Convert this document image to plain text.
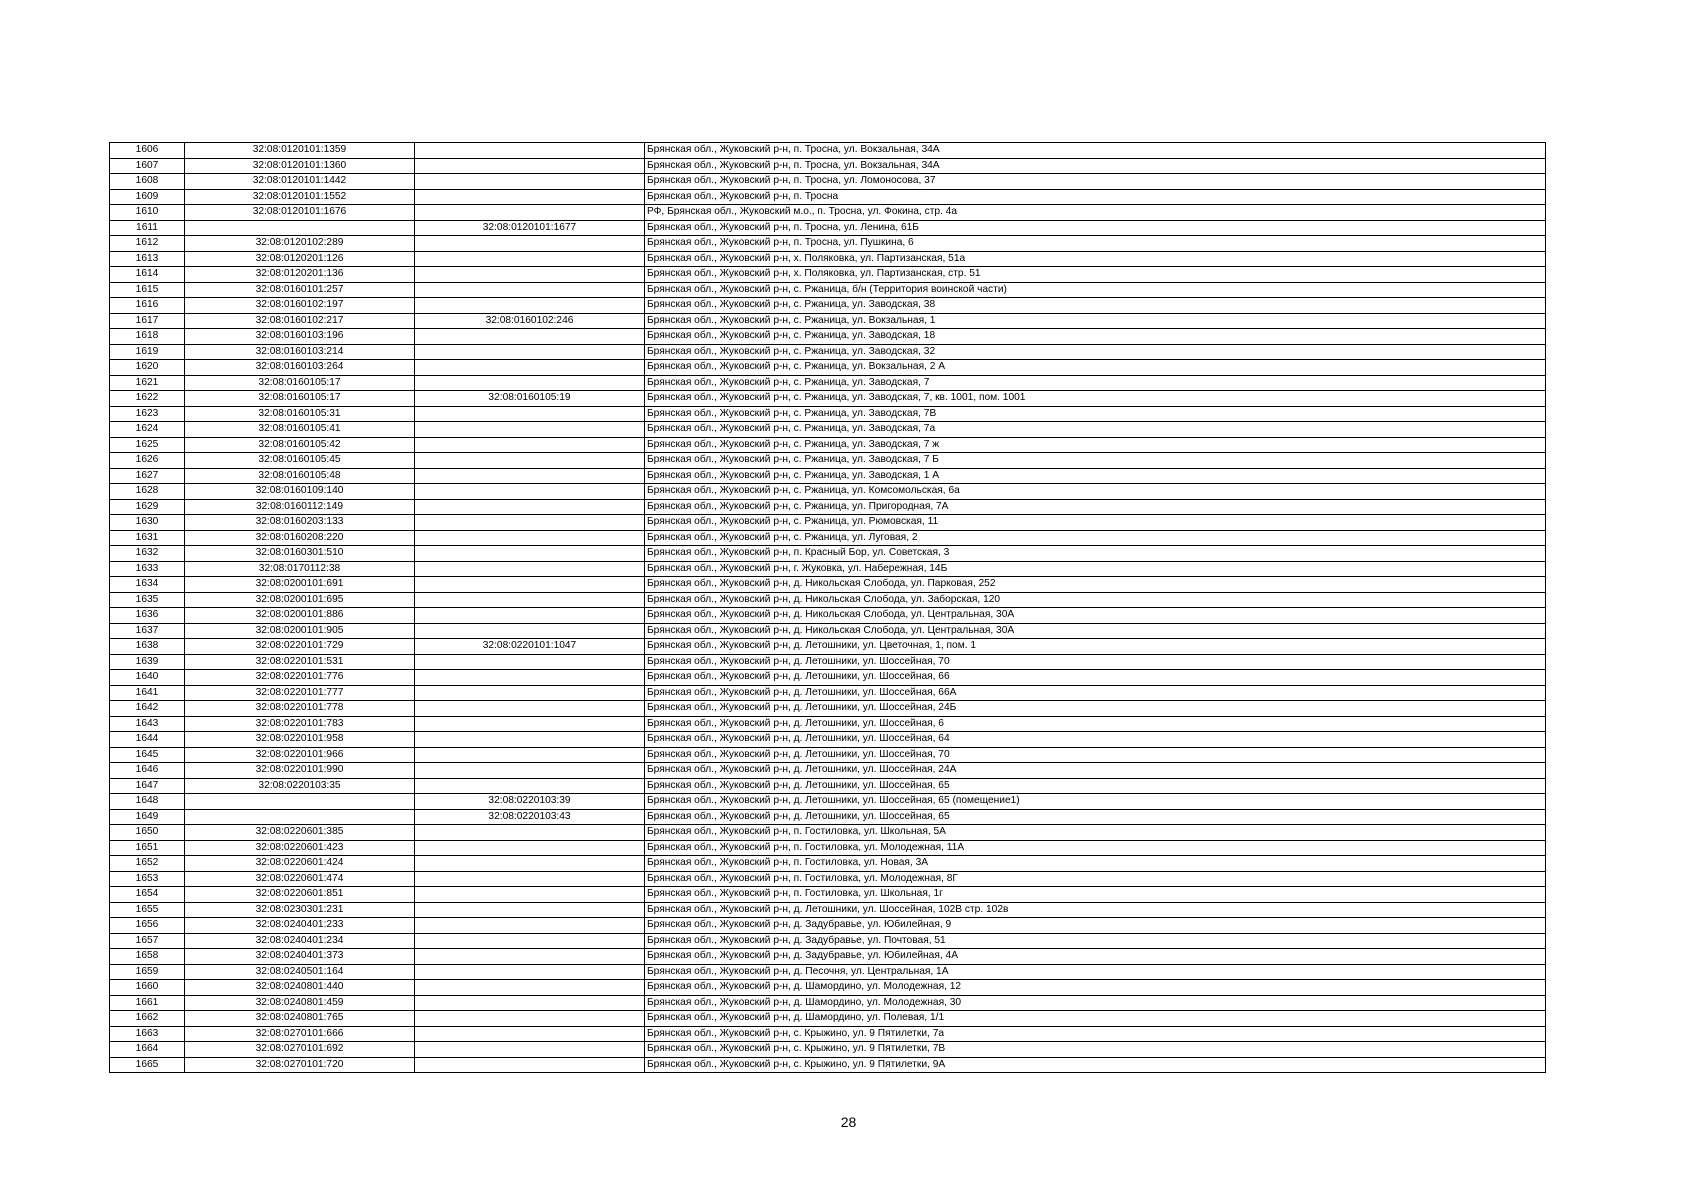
1606	32:08:0120101:1359		Брянская обл., Жуковский р-н, п. Тросна, ул. Вокзальная, 34А
1607	32:08:0120101:1360		Брянская обл., Жуковский р-н, п. Тросна, ул. Вокзальная, 34А
1608	32:08:0120101:1442		Брянская обл., Жуковский р-н, п. Тросна, ул. Ломоносова, 37
1609	32:08:0120101:1552		Брянская обл., Жуковский р-н, п. Тросна
1610	32:08:0120101:1676		РФ, Брянская обл., Жуковский м.о., п. Тросна, ул. Фокина, стр. 4а
1611		32:08:0120101:1677	Брянская обл., Жуковский р-н, п. Тросна, ул. Ленина, 61Б
1612	32:08:0120102:289		Брянская обл., Жуковский р-н, п. Тросна, ул. Пушкина, 6
1613	32:08:0120201:126		Брянская обл., Жуковский р-н, х. Поляковка, ул. Партизанская, 51а
1614	32:08:0120201:136		Брянская обл., Жуковский р-н, х. Поляковка, ул. Партизанская, стр. 51
1615	32:08:0160101:257		Брянская обл., Жуковский р-н, с. Ржаница, б/н (Территория воинской части)
1616	32:08:0160102:197		Брянская обл., Жуковский р-н, с. Ржаница, ул. Заводская, 38
1617	32:08:0160102:217	32:08:0160102:246	Брянская обл., Жуковский р-н, с. Ржаница, ул. Вокзальная, 1
1618	32:08:0160103:196		Брянская обл., Жуковский р-н, с. Ржаница, ул. Заводская, 18
1619	32:08:0160103:214		Брянская обл., Жуковский р-н, с. Ржаница, ул. Заводская, 32
1620	32:08:0160103:264		Брянская обл., Жуковский р-н, с. Ржаница, ул. Вокзальная, 2 А
1621	32:08:0160105:17		Брянская обл., Жуковский р-н, с. Ржаница, ул. Заводская, 7
1622	32:08:0160105:17	32:08:0160105:19	Брянская обл., Жуковский р-н, с. Ржаница, ул. Заводская, 7, кв. 1001, пом. 1001
1623	32:08:0160105:31		Брянская обл., Жуковский р-н, с. Ржаница, ул. Заводская, 7В
1624	32:08:0160105:41		Брянская обл., Жуковский р-н, с. Ржаница, ул. Заводская, 7а
1625	32:08:0160105:42		Брянская обл., Жуковский р-н, с. Ржаница, ул. Заводская, 7 ж
1626	32:08:0160105:45		Брянская обл., Жуковский р-н, с. Ржаница, ул. Заводская, 7 Б
1627	32:08:0160105:48		Брянская обл., Жуковский р-н, с. Ржаница, ул. Заводская, 1 А
1628	32:08:0160109:140		Брянская обл., Жуковский р-н, с. Ржаница, ул. Комсомольская, 6а
1629	32:08:0160112:149		Брянская обл., Жуковский р-н, с. Ржаница, ул. Пригородная, 7А
1630	32:08:0160203:133		Брянская обл., Жуковский р-н, с. Ржаница, ул. Рюмовская, 11
1631	32:08:0160208:220		Брянская обл., Жуковский р-н, с. Ржаница, ул. Луговая, 2
1632	32:08:0160301:510		Брянская обл., Жуковский р-н, п. Красный Бор, ул. Советская, 3
1633	32:08:0170112:38		Брянская обл., Жуковский р-н, г. Жуковка, ул. Набережная, 14Б
1634	32:08:0200101:691		Брянская обл., Жуковский р-н, д. Никольская Слобода, ул. Парковая, 252
1635	32:08:0200101:695		Брянская обл., Жуковский р-н, д. Никольская Слобода, ул. Заборская, 120
1636	32:08:0200101:886		Брянская обл., Жуковский р-н, д. Никольская Слобода, ул. Центральная, 30А
1637	32:08:0200101:905		Брянская обл., Жуковский р-н, д. Никольская Слобода, ул. Центральная, 30А
1638	32:08:0220101:729	32:08:0220101:1047	Брянская обл., Жуковский р-н, д. Летошники, ул. Цветочная, 1, пом. 1
1639	32:08:0220101:531		Брянская обл., Жуковский р-н, д. Летошники, ул. Шоссейная, 70
1640	32:08:0220101:776		Брянская обл., Жуковский р-н, д. Летошники, ул. Шоссейная, 66
1641	32:08:0220101:777		Брянская обл., Жуковский р-н, д. Летошники, ул. Шоссейная, 66А
1642	32:08:0220101:778		Брянская обл., Жуковский р-н, д. Летошники, ул. Шоссейная, 24Б
1643	32:08:0220101:783		Брянская обл., Жуковский р-н, д. Летошники, ул. Шоссейная, 6
1644	32:08:0220101:958		Брянская обл., Жуковский р-н, д. Летошники, ул. Шоссейная, 64
1645	32:08:0220101:966		Брянская обл., Жуковский р-н, д. Летошники, ул. Шоссейная, 70
1646	32:08:0220101:990		Брянская обл., Жуковский р-н, д. Летошники, ул. Шоссейная, 24А
1647	32:08:0220103:35		Брянская обл., Жуковский р-н, д. Летошники, ул. Шоссейная, 65
1648		32:08:0220103:39	Брянская обл., Жуковский р-н, д. Летошники, ул. Шоссейная, 65 (помещение1)
1649		32:08:0220103:43	Брянская обл., Жуковский р-н, д. Летошники, ул. Шоссейная, 65
1650	32:08:0220601:385		Брянская обл., Жуковский р-н, п. Гостиловка, ул. Школьная, 5А
1651	32:08:0220601:423		Брянская обл., Жуковский р-н, п. Гостиловка, ул. Молодежная, 11А
1652	32:08:0220601:424		Брянская обл., Жуковский р-н, п. Гостиловка, ул. Новая, 3А
1653	32:08:0220601:474		Брянская обл., Жуковский р-н, п. Гостиловка, ул. Молодежная, 8Г
1654	32:08:0220601:851		Брянская обл., Жуковский р-н, п. Гостиловка, ул. Школьная, 1г
1655	32:08:0230301:231		Брянская обл., Жуковский р-н, д. Летошники, ул. Шоссейная, 102В стр. 102в
1656	32:08:0240401:233		Брянская обл., Жуковский р-н, д. Задубравье, ул. Юбилейная, 9
1657	32:08:0240401:234		Брянская обл., Жуковский р-н, д. Задубравье, ул. Почтовая, 51
1658	32:08:0240401:373		Брянская обл., Жуковский р-н, д. Задубравье, ул. Юбилейная, 4А
1659	32:08:0240501:164		Брянская обл., Жуковский р-н, д. Песочня, ул. Центральная, 1А
1660	32:08:0240801:440		Брянская обл., Жуковский р-н, д. Шамордино, ул. Молодежная, 12
1661	32:08:0240801:459		Брянская обл., Жуковский р-н, д. Шамордино, ул. Молодежная, 30
1662	32:08:0240801:765		Брянская обл., Жуковский р-н, д. Шамордино, ул. Полевая, 1/1
1663	32:08:0270101:666		Брянская обл., Жуковский р-н, с. Крыжино, ул. 9 Пятилетки, 7а
1664	32:08:0270101:692		Брянская обл., Жуковский р-н, с. Крыжино, ул. 9 Пятилетки, 7В
1665	32:08:0270101:720		Брянская обл., Жуковский р-н, с. Крыжино, ул. 9 Пятилетки, 9А
28
